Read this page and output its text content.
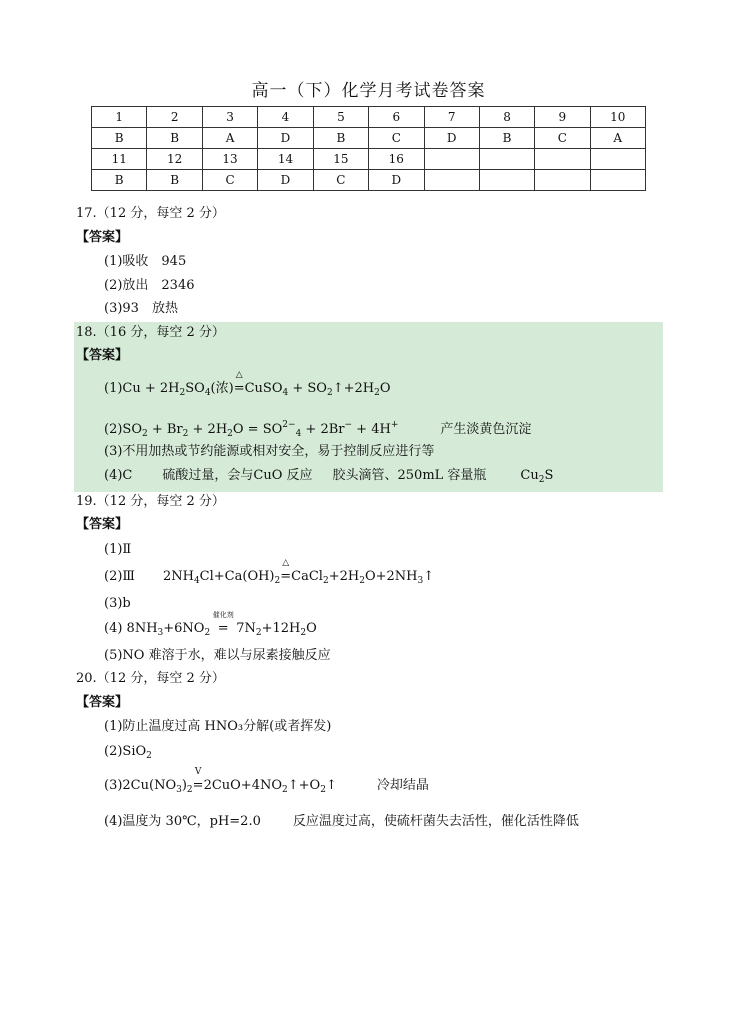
高一（下）化学月考试卷答案
1	2	3	4	5	6	7	8	9	10
B	B	A	D	B	C	D	B	C	A
11	12	13	14	15	16				
B	B	C	D	C	D				
17.（12 分，每空 2 分）
【答案】
(1)吸收　945
(2)放出　2346
(3)93　放热
18.（16 分，每空 2 分）
【答案】
$(1)Cu + 2H_2SO_4$(浓)
△
=CuSO$_4$ + $SO_2↑+2H_2O$
$(2)SO_2 + Br_2 + 2H_2O = SO^{2-}_4 + 2Br^- + 4H^+$	产生淡黄色沉淀
(3)不用加热或节约能源或相对安全，易于控制反应进行等
(4)C 硫酸过量，会与CuO 反应 胶头滴管、250mL 容量瓶	$Cu_2S$
19.（12 分，每空 2 分）
【答案】
(1)Ⅱ
(2)Ⅲ $2NH_4Cl+Ca(OH)_2$
△
$=CaCl_2+2H_2O+2NH_3↑$
(3)b
(4) $8NH_3+6NO_2$
催化剂
= $7N_2+12H_2O$
(5)NO 难溶于水，难以与尿素接触反应
20.（12 分，每空 2 分）
【答案】
(1)防止温度过高 HNO₃分解(或者挥发)
(2)SiO$_2$
$(3)2Cu(NO_3)_2$
V
$=2CuO+4NO_2↑+O_2↑$	冷却结晶
(4)温度为 30℃，pH=2.0 反应温度过高，使硫杆菌失去活性，催化活性降低
